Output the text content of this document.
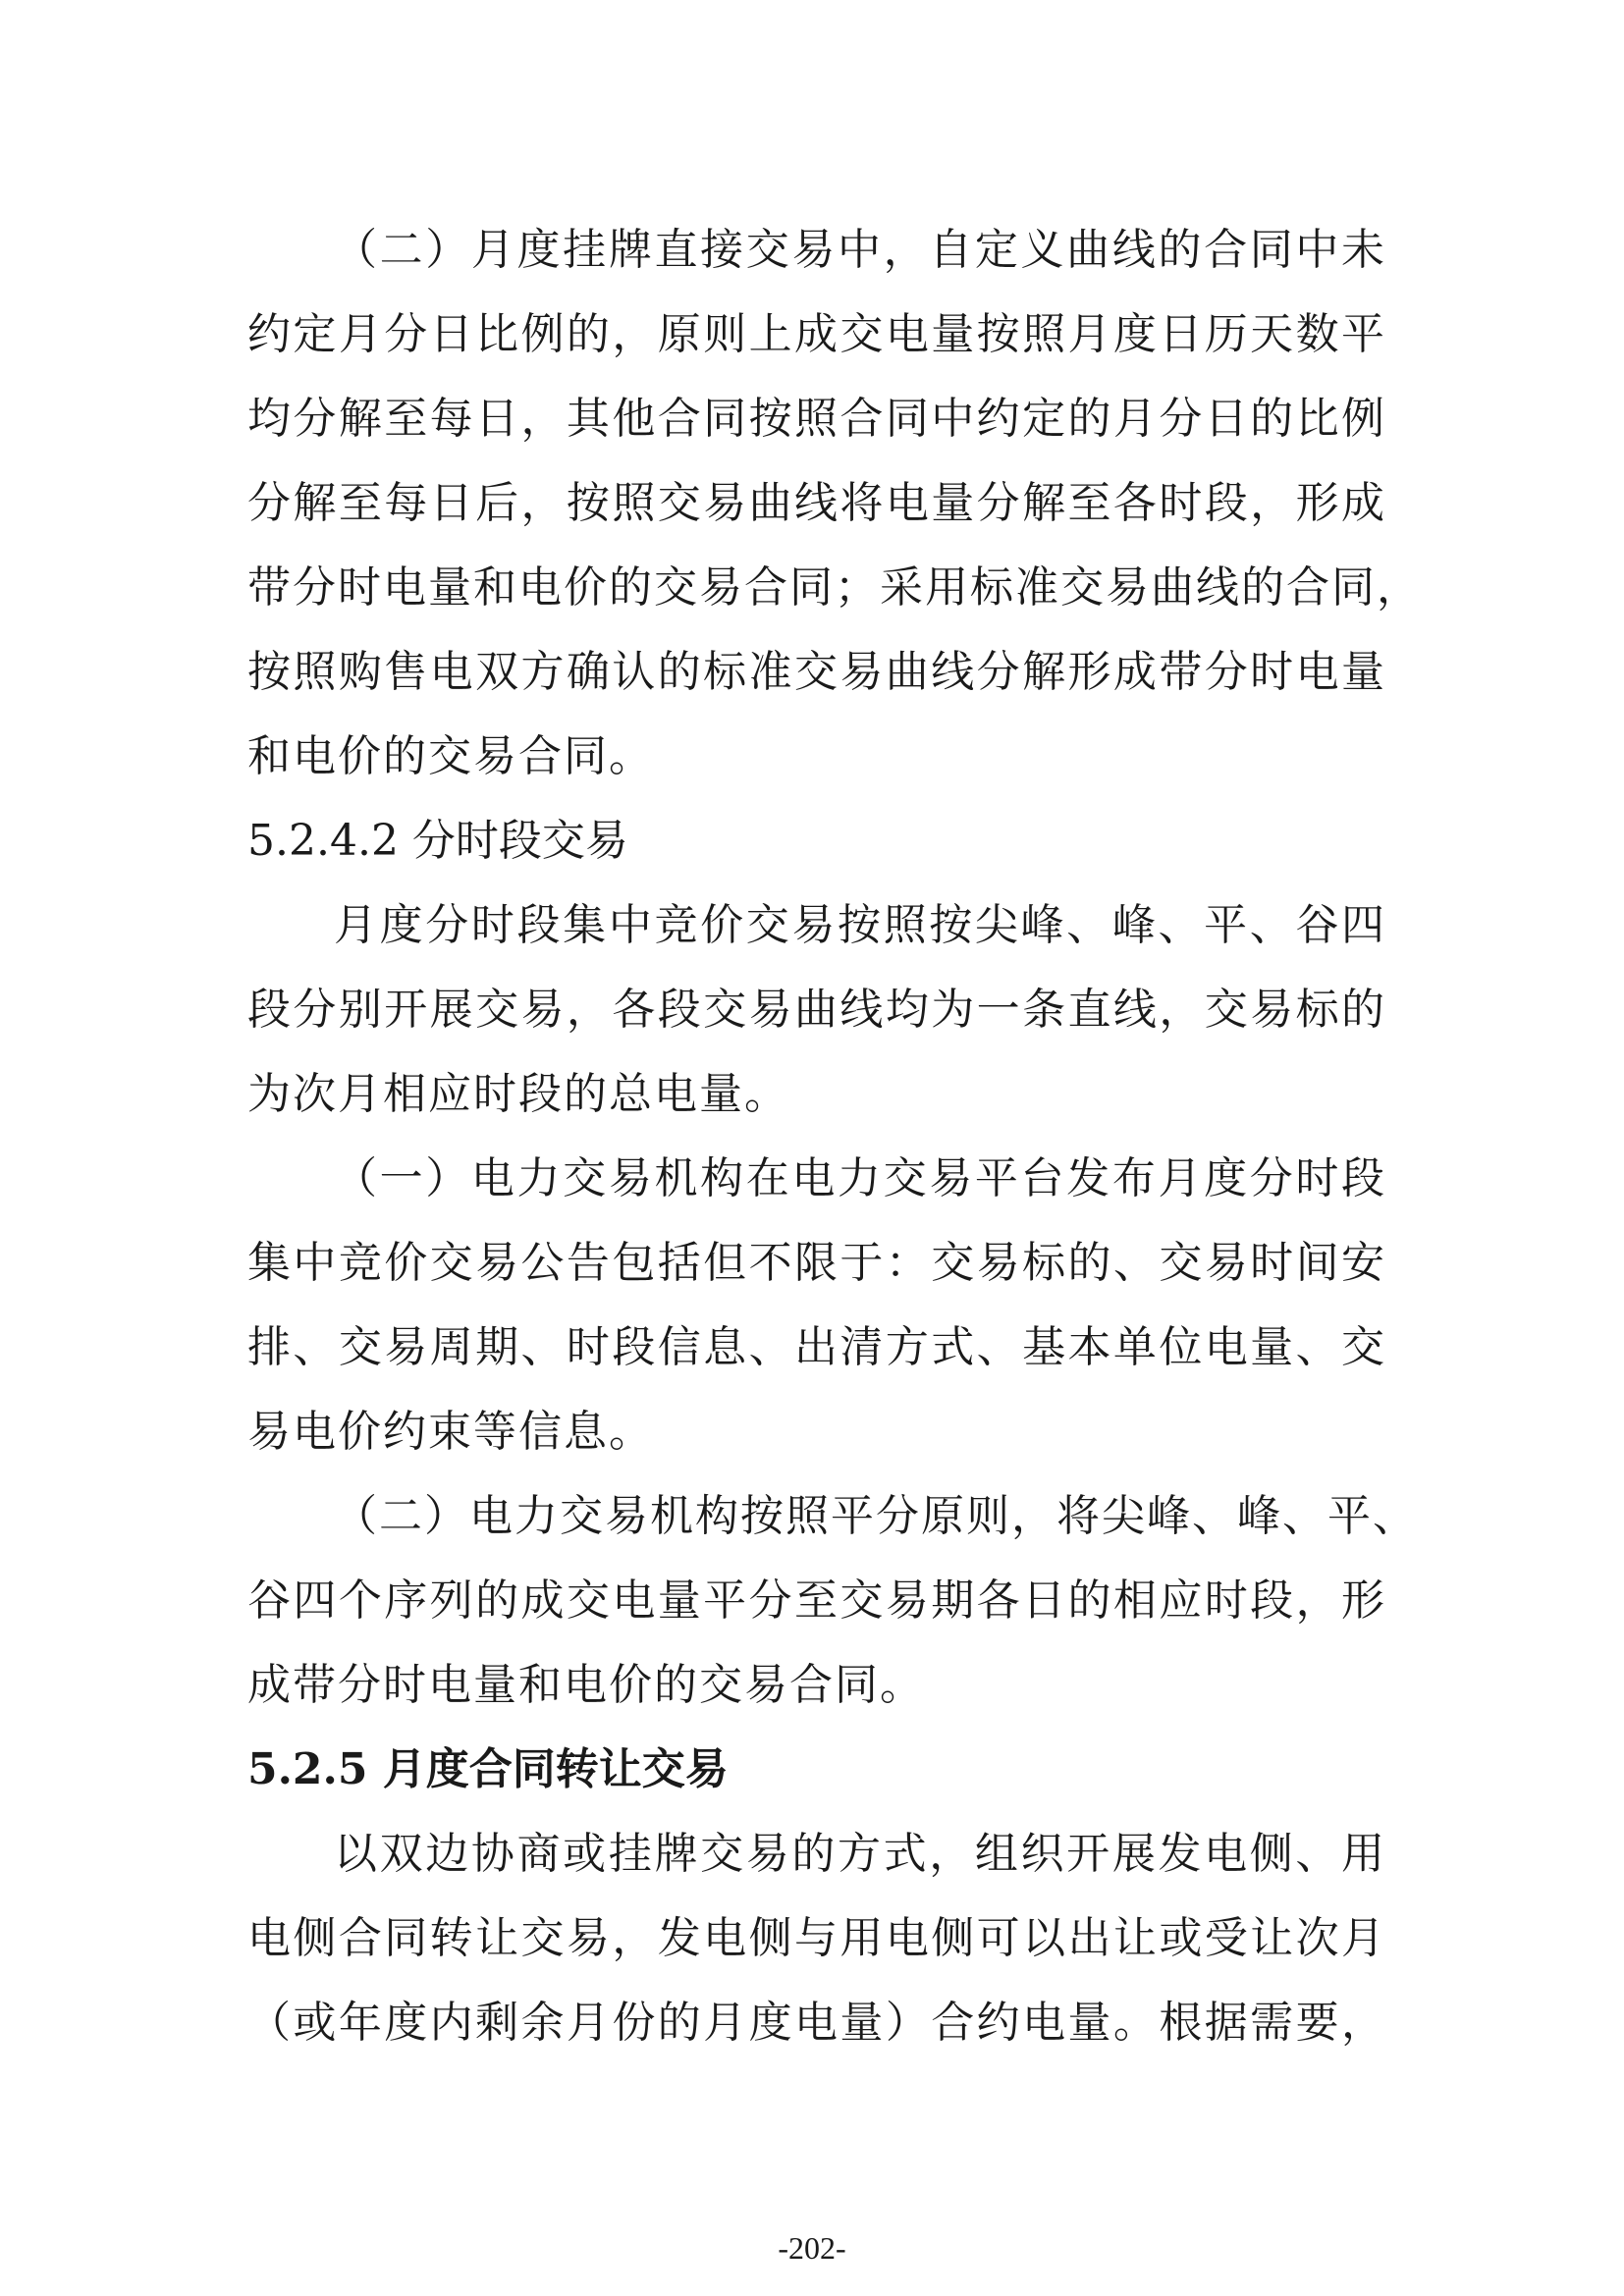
（二）月度挂牌直接交易中，自定义曲线的合同中未
约定月分日比例的，原则上成交电量按照月度日历天数平
均分解至每日，其他合同按照合同中约定的月分日的比例
分解至每日后，按照交易曲线将电量分解至各时段，形成
带分时电量和电价的交易合同；采用标准交易曲线的合同，
按照购售电双方确认的标准交易曲线分解形成带分时电量
和电价的交易合同。
5.2.4.2 分时段交易
月度分时段集中竞价交易按照按尖峰、峰、平、谷四
段分别开展交易，各段交易曲线均为一条直线，交易标的
为次月相应时段的总电量。
（一）电力交易机构在电力交易平台发布月度分时段
集中竞价交易公告包括但不限于：交易标的、交易时间安
排、交易周期、时段信息、出清方式、基本单位电量、交
易电价约束等信息。
（二）电力交易机构按照平分原则，将尖峰、峰、平、
谷四个序列的成交电量平分至交易期各日的相应时段，形
成带分时电量和电价的交易合同。
5.2.5 月度合同转让交易
以双边协商或挂牌交易的方式，组织开展发电侧、用
电侧合同转让交易，发电侧与用电侧可以出让或受让次月
（或年度内剩余月份的月度电量）合约电量。根据需要，
-202-
